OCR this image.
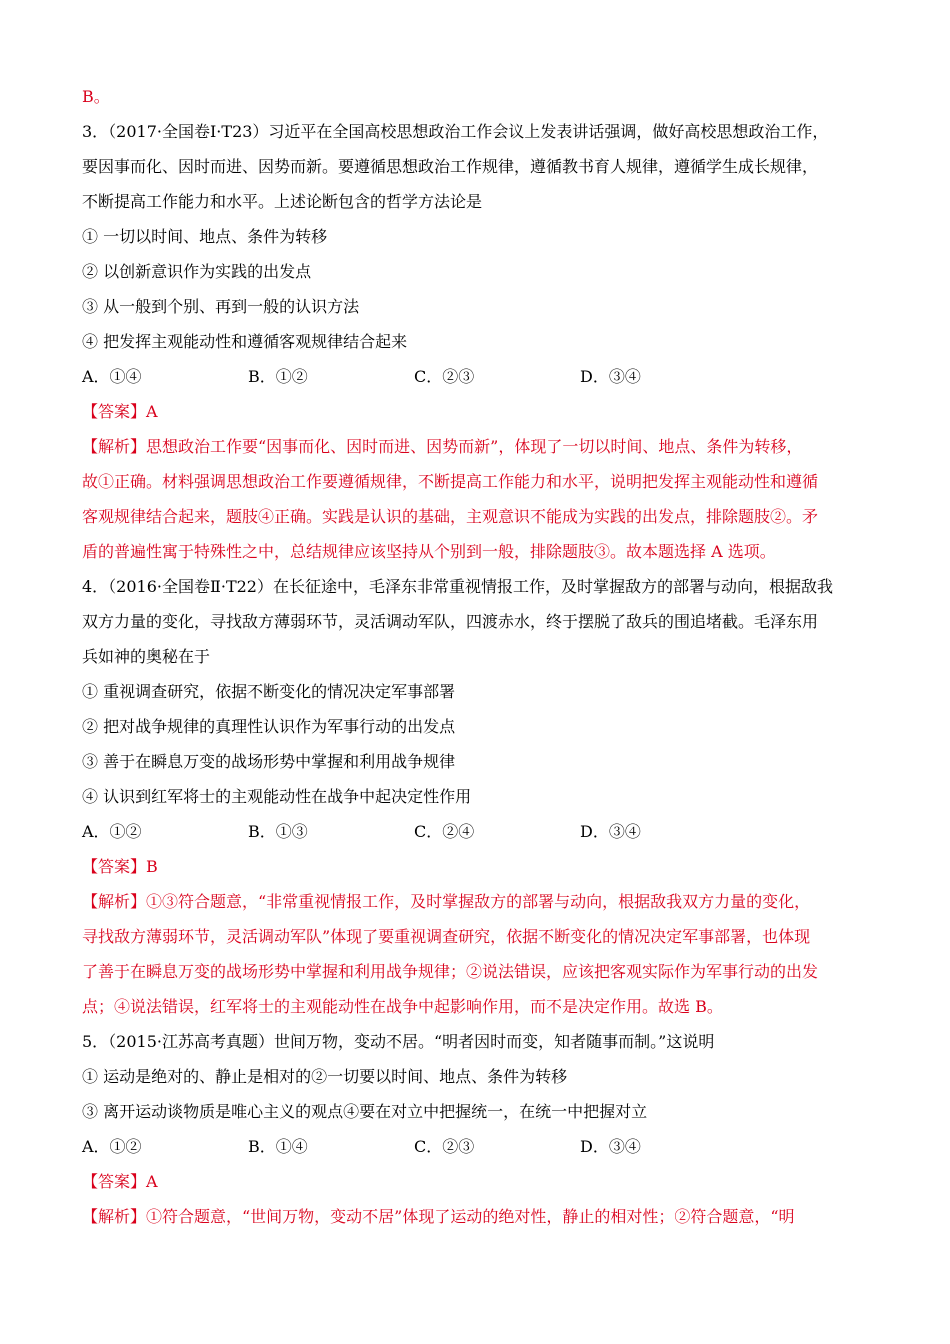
B。

3．（2017·全国卷Ⅰ·T23）习近平在全国高校思想政治工作会议上发表讲话强调，做好高校思想政治工作，

要因事而化、因时而进、因势而新。要遵循思想政治工作规律，遵循教书育人规律，遵循学生成长规律，

不断提高工作能力和水平。上述论断包含的哲学方法论是

① 一切以时间、地点、条件为转移

② 以创新意识作为实践的出发点

③ 从一般到个别、再到一般的认识方法

④ 把发挥主观能动性和遵循客观规律结合起来

A．①④	B．①②	C．②③	D．③④

【答案】A

【解析】思想政治工作要“因事而化、因时而进、因势而新”，体现了一切以时间、地点、条件为转移，

故①正确。材料强调思想政治工作要遵循规律，不断提高工作能力和水平，说明把发挥主观能动性和遵循

客观规律结合起来，题肢④正确。实践是认识的基础，主观意识不能成为实践的出发点，排除题肢②。矛

盾的普遍性寓于特殊性之中，总结规律应该坚持从个别到一般，排除题肢③。故本题选择 A 选项。

4．（2016·全国卷Ⅱ·T22）在长征途中，毛泽东非常重视情报工作，及时掌握敌方的部署与动向，根据敌我

双方力量的变化，寻找敌方薄弱环节，灵活调动军队，四渡赤水，终于摆脱了敌兵的围追堵截。毛泽东用

兵如神的奥秘在于

① 重视调查研究，依据不断变化的情况决定军事部署

② 把对战争规律的真理性认识作为军事行动的出发点

③ 善于在瞬息万变的战场形势中掌握和利用战争规律

④ 认识到红军将士的主观能动性在战争中起决定性作用

A．①②	B．①③	C．②④	D．③④

【答案】B

【解析】①③符合题意，“非常重视情报工作，及时掌握敌方的部署与动向，根据敌我双方力量的变化，

寻找敌方薄弱环节，灵活调动军队”体现了要重视调查研究，依据不断变化的情况决定军事部署，也体现

了善于在瞬息万变的战场形势中掌握和利用战争规律；②说法错误，应该把客观实际作为军事行动的出发

点；④说法错误，红军将士的主观能动性在战争中起影响作用，而不是决定作用。故选 B。

5．（2015·江苏高考真题）世间万物，变动不居。“明者因时而变，知者随事而制。”这说明

① 运动是绝对的、静止是相对的②一切要以时间、地点、条件为转移

③ 离开运动谈物质是唯心主义的观点④要在对立中把握统一，在统一中把握对立

A．①②	B．①④	C．②③	D．③④

【答案】A

【解析】①符合题意，“世间万物，变动不居”体现了运动的绝对性，静止的相对性；②符合题意，“明
